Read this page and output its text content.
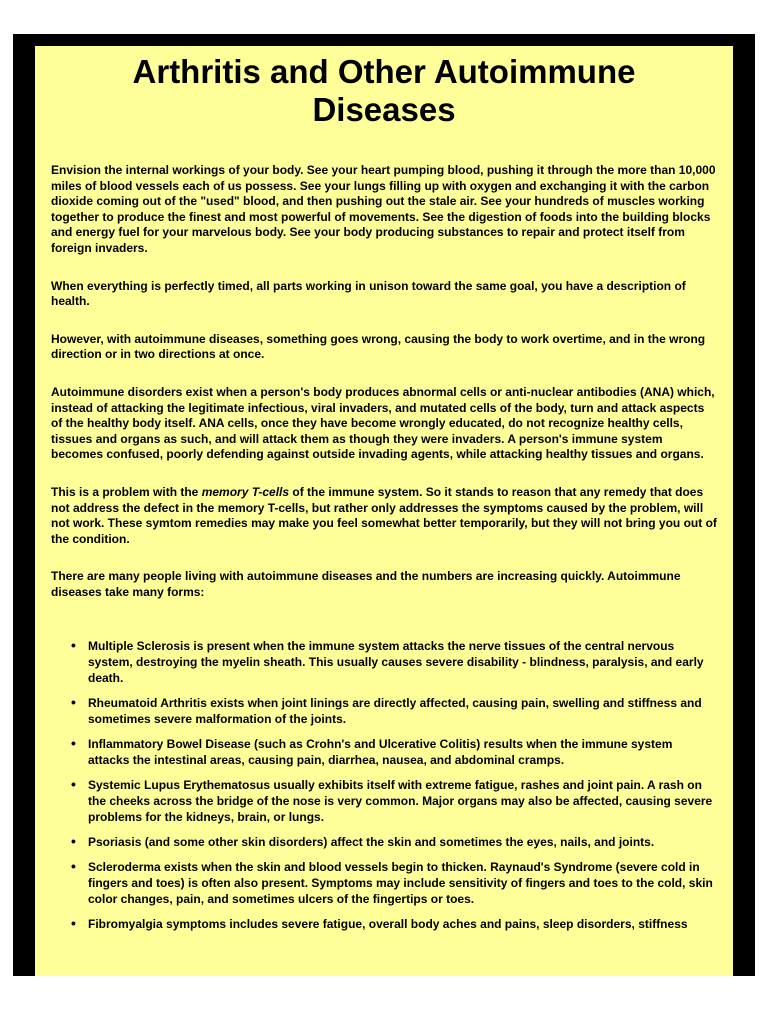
Arthritis and Other Autoimmune
Diseases

Envision the internal workings of your body. See your heart pumping blood, pushing it through the more than 10,000 miles of blood vessels each of us possess. See your lungs filling up with oxygen and exchanging it with the carbon dioxide coming out of the "used" blood, and then pushing out the stale air. See your hundreds of muscles working together to produce the finest and most powerful of movements. See the digestion of foods into the building blocks and energy fuel for your marvelous body. See your body producing substances to repair and protect itself from foreign invaders.

When everything is perfectly timed, all parts working in unison toward the same goal, you have a description of health.

However, with autoimmune diseases, something goes wrong, causing the body to work overtime, and in the wrong direction or in two directions at once.

Autoimmune disorders exist when a person's body produces abnormal cells or anti-nuclear antibodies (ANA) which, instead of attacking the legitimate infectious, viral invaders, and mutated cells of the body, turn and attack aspects of the healthy body itself. ANA cells, once they have become wrongly educated, do not recognize healthy cells, tissues and organs as such, and will attack them as though they were invaders. A person's immune system becomes confused, poorly defending against outside invading agents, while attacking healthy tissues and organs.

This is a problem with the memory T-cells of the immune system. So it stands to reason that any remedy that does not address the defect in the memory T-cells, but rather only addresses the symptoms caused by the problem, will not work. These symtom remedies may make you feel somewhat better temporarily, but they will not bring you out of the condition.

There are many people living with autoimmune diseases and the numbers are increasing quickly. Autoimmune diseases take many forms:

• Multiple Sclerosis is present when the immune system attacks the nerve tissues of the central nervous system, destroying the myelin sheath. This usually causes severe disability - blindness, paralysis, and early death.
• Rheumatoid Arthritis exists when joint linings are directly affected, causing pain, swelling and stiffness and sometimes severe malformation of the joints.
• Inflammatory Bowel Disease (such as Crohn's and Ulcerative Colitis) results when the immune system attacks the intestinal areas, causing pain, diarrhea, nausea, and abdominal cramps.
• Systemic Lupus Erythematosus usually exhibits itself with extreme fatigue, rashes and joint pain. A rash on the cheeks across the bridge of the nose is very common. Major organs may also be affected, causing severe problems for the kidneys, brain, or lungs.
• Psoriasis (and some other skin disorders) affect the skin and sometimes the eyes, nails, and joints.
• Scleroderma exists when the skin and blood vessels begin to thicken. Raynaud's Syndrome (severe cold in fingers and toes) is often also present. Symptoms may include sensitivity of fingers and toes to the cold, skin color changes, pain, and sometimes ulcers of the fingertips or toes.
• Fibromyalgia symptoms includes severe fatigue, overall body aches and pains, sleep disorders, stiffness
